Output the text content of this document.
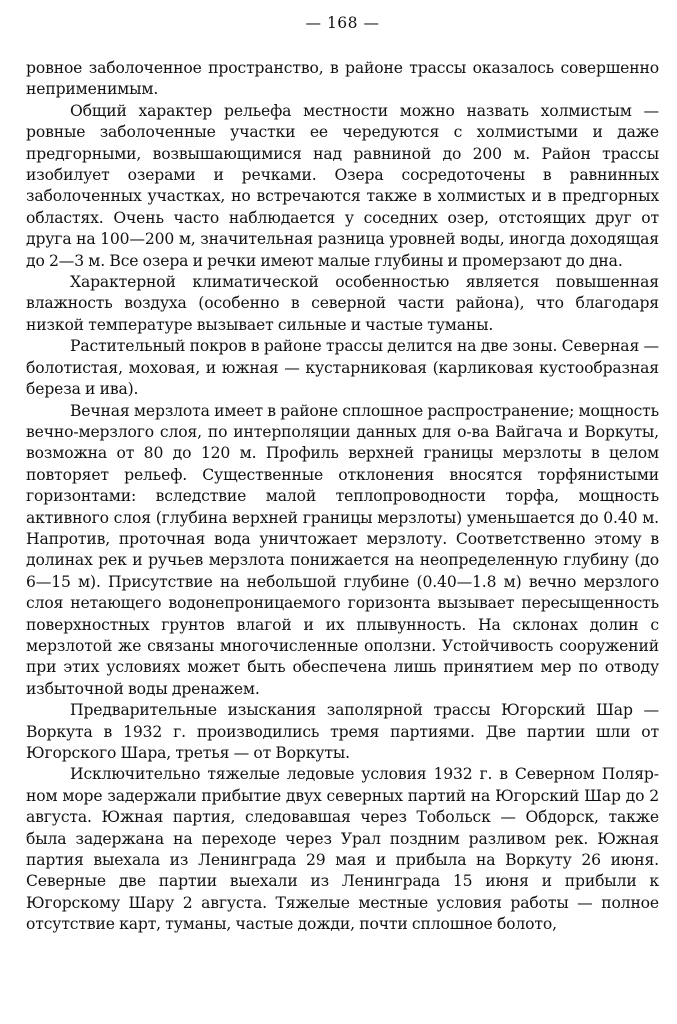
— 168 —

ровное заболоченное пространство, в районе трассы оказалось совершенно неприменимым.

Общий характер рельефа местности можно назвать холмистым — ровные заболоченные участки ее чередуются с холмистыми и даже предгорными, возвышающимися над равниной до 200 м. Район трассы изобилует озерами и речками. Озера сосредоточены в равнинных заболоченных участках, но встречаются также в холмистых и в предгорных областях. Очень часто наблюдается у соседних озер, отстоящих друг от друга на 100—200 м, значительная разница уровней воды, иногда доходящая до 2—3 м. Все озера и речки имеют малые глубины и промерзают до дна.

Характерной климатической особенностью является повышенная влажность воздуха (особенно в северной части района), что благодаря низкой температуре вызывает сильные и частые туманы.

Растительный покров в районе трассы делится на две зоны. Северная — болотистая, моховая, и южная — кустарниковая (карликовая кустообразная береза и ива).

Вечная мерзлота имеет в районе сплошное распространение; мощность вечно-мерзлого слоя, по интерполяции данных для о-ва Вайгача и Воркуты, возможна от 80 до 120 м. Профиль верхней границы мерзлоты в целом повторяет рельеф. Существенные отклонения вносятся торфянистыми горизонтами: вследствие малой теплопроводности торфа, мощность активного слоя (глубина верхней границы мерзлоты) уменьшается до 0.40 м. Напротив, проточная вода уничтожает мерзлоту. Соответственно этому в долинах рек и ручьев мерзлота понижается на неопределенную глубину (до 6—15 м). Присутствие на небольшой глубине (0.40—1.8 м) вечно мерзлого слоя нетающего водонепроницаемого горизонта вызывает пересыщенность поверхностных грунтов влагой и их плывунность. На склонах долин с мерзлотой же связаны многочисленные оползни. Устойчивость сооружений при этих условиях может быть обеспечена лишь принятием мер по отводу избыточной воды дренажем.

Предварительные изыскания заполярной трассы Югорский Шар — Воркута в 1932 г. производились тремя партиями. Две партии шли от Югорского Шара, третья — от Воркуты.

Исключительно тяжелые ледовые условия 1932 г. в Северном Полярном море задержали прибытие двух северных партий на Югорский Шар до 2 августа. Южная партия, следовавшая через Тобольск — Обдорск, также была задержана на переходе через Урал поздним разливом рек. Южная партия выехала из Ленинграда 29 мая и прибыла на Воркуту 26 июня. Северные две партии выехали из Ленинграда 15 июня и прибыли к Югорскому Шару 2 августа. Тяжелые местные условия работы — полное отсутствие карт, туманы, частые дожди, почти сплошное болото,
